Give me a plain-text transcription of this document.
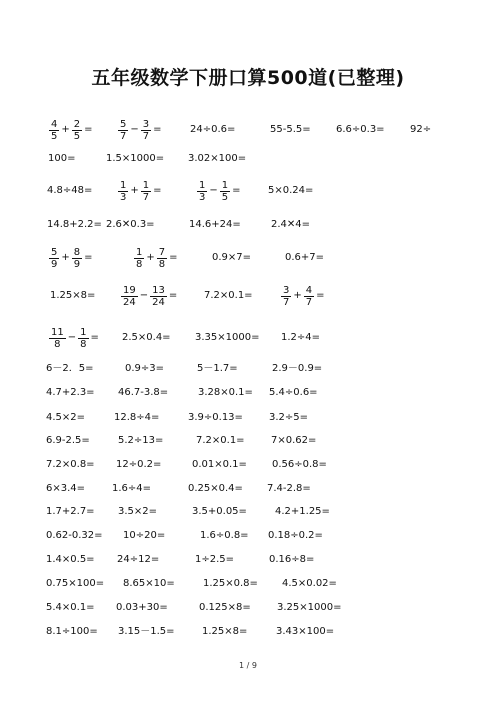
五年级数学下册口算500道(已整理)
$\frac{4}{5} + \frac{2}{5}$ =	$\frac{5}{7} - \frac{3}{7}$ =	24÷0.6=	55-5.5=	6.6÷0.3=	92÷
100=	1.5×1000= 3.02×100=
4.8÷48=	$\frac{1}{3} + \frac{1}{7}$ =	$\frac{1}{3} - \frac{1}{5}$ =	5×0.24=
14.8+2.2= 2.6✕0.3=	14.6+24=	2.4✕4=
$\frac{5}{9} + \frac{8}{9}$ =	$\frac{1}{8} + \frac{7}{8}$ =	0.9×7=	0.6+7=
1.25×8=	$\frac{19}{24} - \frac{13}{24}$ =	7.2×0.1=	$\frac{3}{7} + \frac{4}{7}$ =
$\frac{11}{8} - \frac{1}{8} = 2.5\times 0.4= 3.35\times 1000= 1.2\div 4=$
6－2．5=	0.9÷3=	5－1.7=	2.9－0.9=
4.7+2.3= 46.7-3.8=	3.28×0.1= 5.4÷0.6=
4.5×2=	12.8÷4=	3.9÷0.13=	3.2÷5=
6.9-2.5=	5.2÷13=	7.2×0.1=	7×0.62=
7.2×0.8= 12÷0.2=	0.01×0.1=	0.56÷0.8=
6×3.4=	1.6÷4=	0.25×0.4= 7.4-2.8=
1.7+2.7= 3.5×2=	3.5+0.05=	4.2+1.25=
0.62-0.32= 10÷20=	1.6÷0.8= 0.18÷0.2=
1.4×0.5= 24÷12=	1÷2.5=	0.16÷8=
0.75×100= 8.65×10=	1.25×0.8= 4.5×0.02=
5.4×0.1= 0.03+30=	0.125×8=	3.25×1000=
8.1÷100= 3.15－1.5=	1.25×8=	3.43×100=
1 / 9
